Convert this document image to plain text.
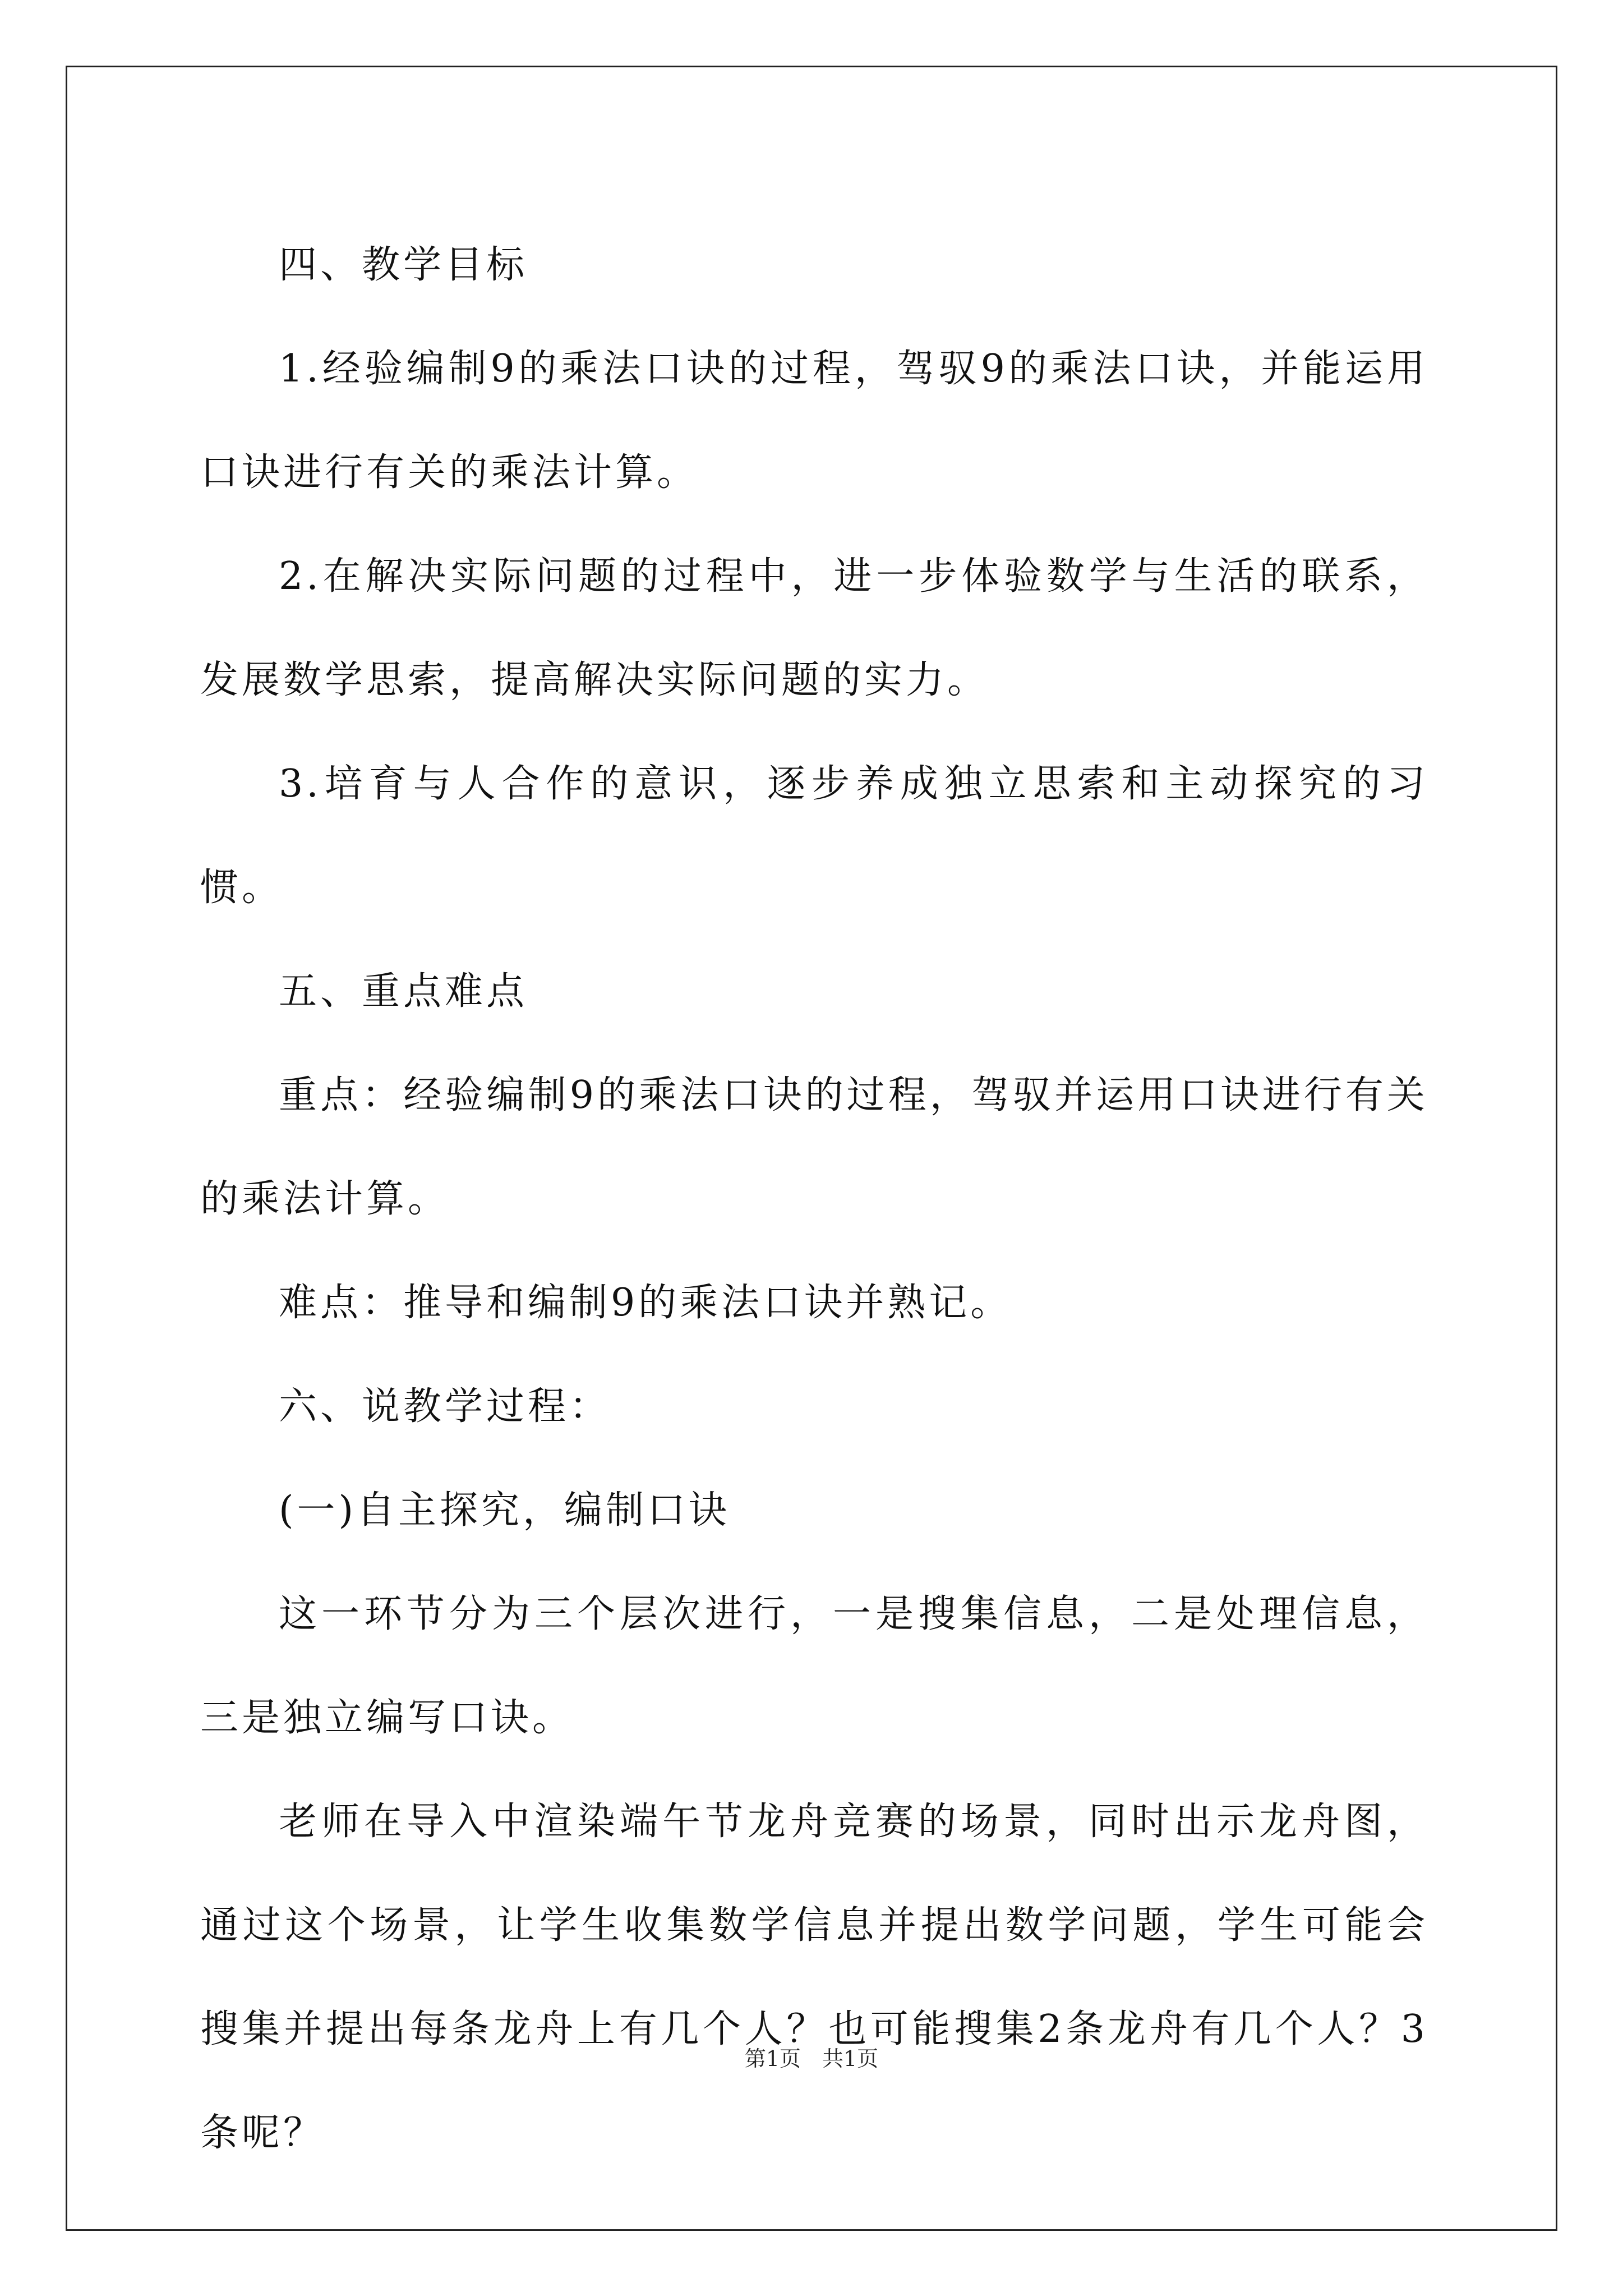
四、教学目标

1.经验编制9的乘法口诀的过程，驾驭9的乘法口诀，并能运用口诀进行有关的乘法计算。

2.在解决实际问题的过程中，进一步体验数学与生活的联系，发展数学思索，提高解决实际问题的实力。

3.培育与人合作的意识，逐步养成独立思索和主动探究的习惯。

五、重点难点

重点：经验编制9的乘法口诀的过程，驾驭并运用口诀进行有关的乘法计算。

难点：推导和编制9的乘法口诀并熟记。

六、说教学过程：

(一)自主探究，编制口诀

这一环节分为三个层次进行，一是搜集信息，二是处理信息，三是独立编写口诀。

老师在导入中渲染端午节龙舟竞赛的场景，同时出示龙舟图，通过这个场景，让学生收集数学信息并提出数学问题，学生可能会搜集并提出每条龙舟上有几个人？也可能搜集2条龙舟有几个人？3条呢？

第1页　共1页
